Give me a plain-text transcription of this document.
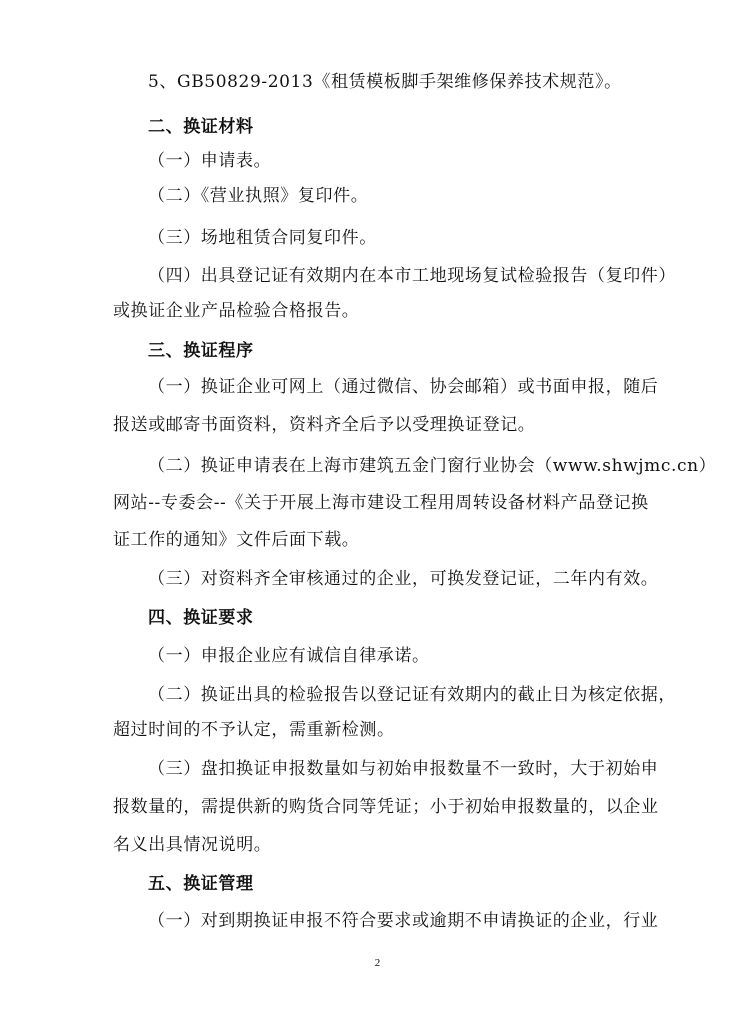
5、GB50829-2013《租赁模板脚手架维修保养技术规范》。
二、换证材料
（一）申请表。
（二）《营业执照》复印件。
（三）场地租赁合同复印件。
（四）出具登记证有效期内在本市工地现场复试检验报告（复印件）
或换证企业产品检验合格报告。
三、换证程序
（一）换证企业可网上（通过微信、协会邮箱）或书面申报，随后
报送或邮寄书面资料，资料齐全后予以受理换证登记。
（二）换证申请表在上海市建筑五金门窗行业协会（www.shwjmc.cn）
网站--专委会--《关于开展上海市建设工程用周转设备材料产品登记换
证工作的通知》文件后面下载。
（三）对资料齐全审核通过的企业，可换发登记证，二年内有效。
四、换证要求
（一）申报企业应有诚信自律承诺。
（二）换证出具的检验报告以登记证有效期内的截止日为核定依据，
超过时间的不予认定，需重新检测。
（三）盘扣换证申报数量如与初始申报数量不一致时，大于初始申
报数量的，需提供新的购货合同等凭证；小于初始申报数量的，以企业
名义出具情况说明。
五、换证管理
（一）对到期换证申报不符合要求或逾期不申请换证的企业，行业
2
